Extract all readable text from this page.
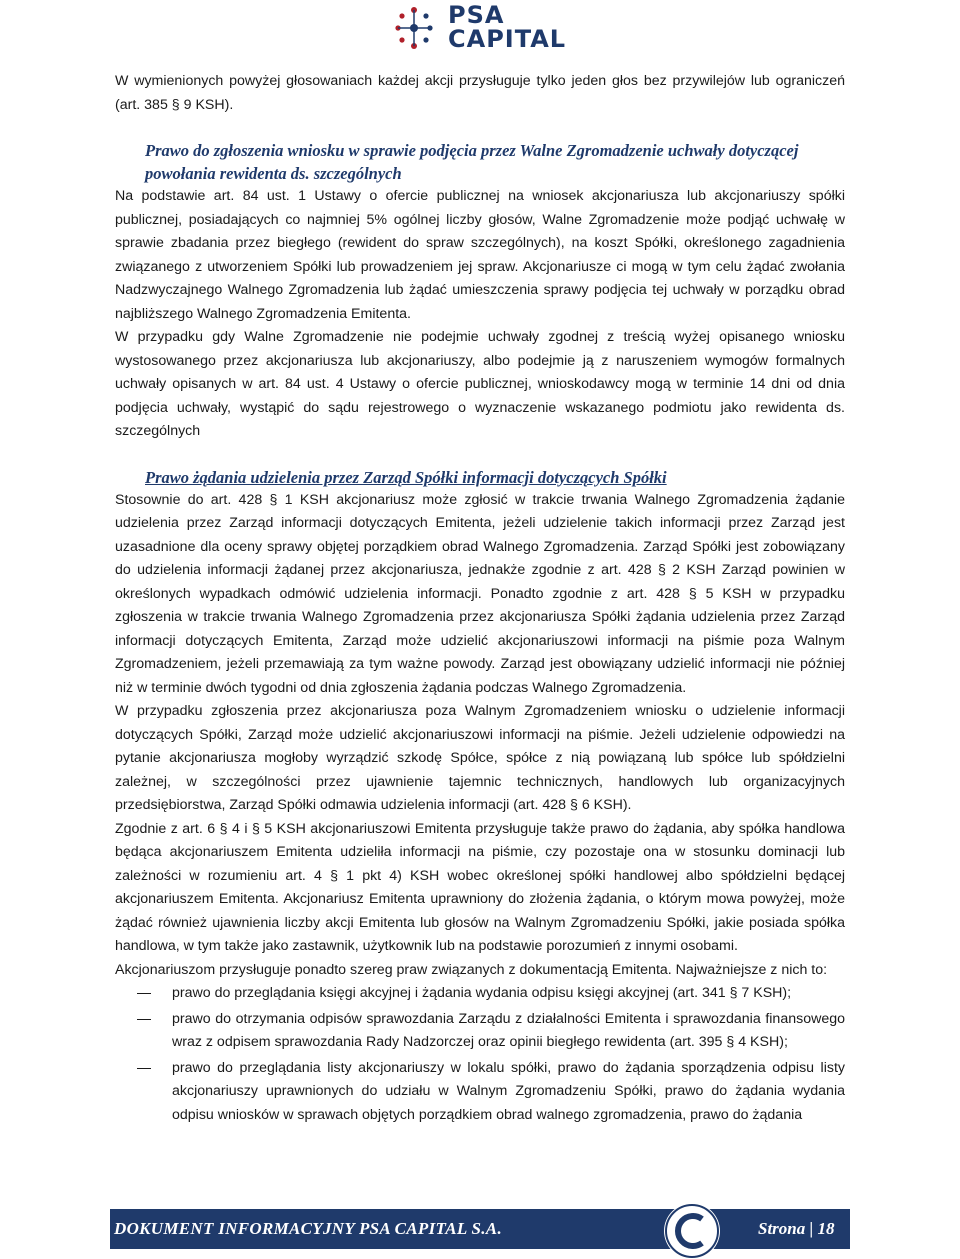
PSA
CAPITAL

W wymienionych powyżej głosowaniach każdej akcji przysługuje tylko jeden głos bez przywilejów lub ograniczeń (art. 385 § 9 KSH).

Prawo do zgłoszenia wniosku w sprawie podjęcia przez Walne Zgromadzenie uchwały dotyczącej powołania rewidenta ds. szczególnych

Na podstawie art. 84 ust. 1 Ustawy o ofercie publicznej na wniosek akcjonariusza lub akcjonariuszy spółki publicznej, posiadających co najmniej 5% ogólnej liczby głosów, Walne Zgromadzenie może podjąć uchwałę w sprawie zbadania przez biegłego (rewident do spraw szczególnych), na koszt Spółki, określonego zagadnienia związanego z utworzeniem Spółki lub prowadzeniem jej spraw. Akcjonariusze ci mogą w tym celu żądać zwołania Nadzwyczajnego Walnego Zgromadzenia lub żądać umieszczenia sprawy podjęcia tej uchwały w porządku obrad najbliższego Walnego Zgromadzenia Emitenta.

W przypadku gdy Walne Zgromadzenie nie podejmie uchwały zgodnej z treścią wyżej opisanego wniosku wystosowanego przez akcjonariusza lub akcjonariuszy, albo podejmie ją z naruszeniem wymogów formalnych uchwały opisanych w art. 84 ust. 4 Ustawy o ofercie publicznej, wnioskodawcy mogą w terminie 14 dni od dnia podjęcia uchwały, wystąpić do sądu rejestrowego o wyznaczenie wskazanego podmiotu jako rewidenta ds. szczególnych

Prawo żądania udzielenia przez Zarząd Spółki informacji dotyczących Spółki

Stosownie do art. 428 § 1 KSH akcjonariusz może zgłosić w trakcie trwania Walnego Zgromadzenia żądanie udzielenia przez Zarząd informacji dotyczących Emitenta, jeżeli udzielenie takich informacji przez Zarząd jest uzasadnione dla oceny sprawy objętej porządkiem obrad Walnego Zgromadzenia. Zarząd Spółki jest zobowiązany do udzielenia informacji żądanej przez akcjonariusza, jednakże zgodnie z art. 428 § 2 KSH Zarząd powinien w określonych wypadkach odmówić udzielenia informacji. Ponadto zgodnie z art. 428 § 5 KSH w przypadku zgłoszenia w trakcie trwania Walnego Zgromadzenia przez akcjonariusza Spółki żądania udzielenia przez Zarząd informacji dotyczących Emitenta, Zarząd może udzielić akcjonariuszowi informacji na piśmie poza Walnym Zgromadzeniem, jeżeli przemawiają za tym ważne powody. Zarząd jest obowiązany udzielić informacji nie później niż w terminie dwóch tygodni od dnia zgłoszenia żądania podczas Walnego Zgromadzenia.

W przypadku zgłoszenia przez akcjonariusza poza Walnym Zgromadzeniem wniosku o udzielenie informacji dotyczących Spółki, Zarząd może udzielić akcjonariuszowi informacji na piśmie. Jeżeli udzielenie odpowiedzi na pytanie akcjonariusza mogłoby wyrządzić szkodę Spółce, spółce z nią powiązaną lub spółce lub spółdzielni zależnej, w szczególności przez ujawnienie tajemnic technicznych, handlowych lub organizacyjnych przedsiębiorstwa, Zarząd Spółki odmawia udzielenia informacji (art. 428 § 6 KSH).

Zgodnie z art. 6 § 4 i § 5 KSH akcjonariuszowi Emitenta przysługuje także prawo do żądania, aby spółka handlowa będąca akcjonariuszem Emitenta udzieliła informacji na piśmie, czy pozostaje ona w stosunku dominacji lub zależności w rozumieniu art. 4 § 1 pkt 4) KSH wobec określonej spółki handlowej albo spółdzielni będącej akcjonariuszem Emitenta. Akcjonariusz Emitenta uprawniony do złożenia żądania, o którym mowa powyżej, może żądać również ujawnienia liczby akcji Emitenta lub głosów na Walnym Zgromadzeniu Spółki, jakie posiada spółka handlowa, w tym także jako zastawnik, użytkownik lub na podstawie porozumień z innymi osobami.

Akcjonariuszom przysługuje ponadto szereg praw związanych z dokumentacją Emitenta. Najważniejsze z nich to:

prawo do przeglądania księgi akcyjnej i żądania wydania odpisu księgi akcyjnej (art. 341 § 7 KSH);
prawo do otrzymania odpisów sprawozdania Zarządu z działalności Emitenta i sprawozdania finansowego wraz z odpisem sprawozdania Rady Nadzorczej oraz opinii biegłego rewidenta (art. 395 § 4 KSH);
prawo do przeglądania listy akcjonariuszy w lokalu spółki, prawo do żądania sporządzenia odpisu listy akcjonariuszy uprawnionych do udziału w Walnym Zgromadzeniu Spółki, prawo do żądania wydania odpisu wniosków w sprawach objętych porządkiem obrad walnego zgromadzenia, prawo do żądania
DOKUMENT INFORMACYJNY PSA CAPITAL S.A.	Strona | 18
